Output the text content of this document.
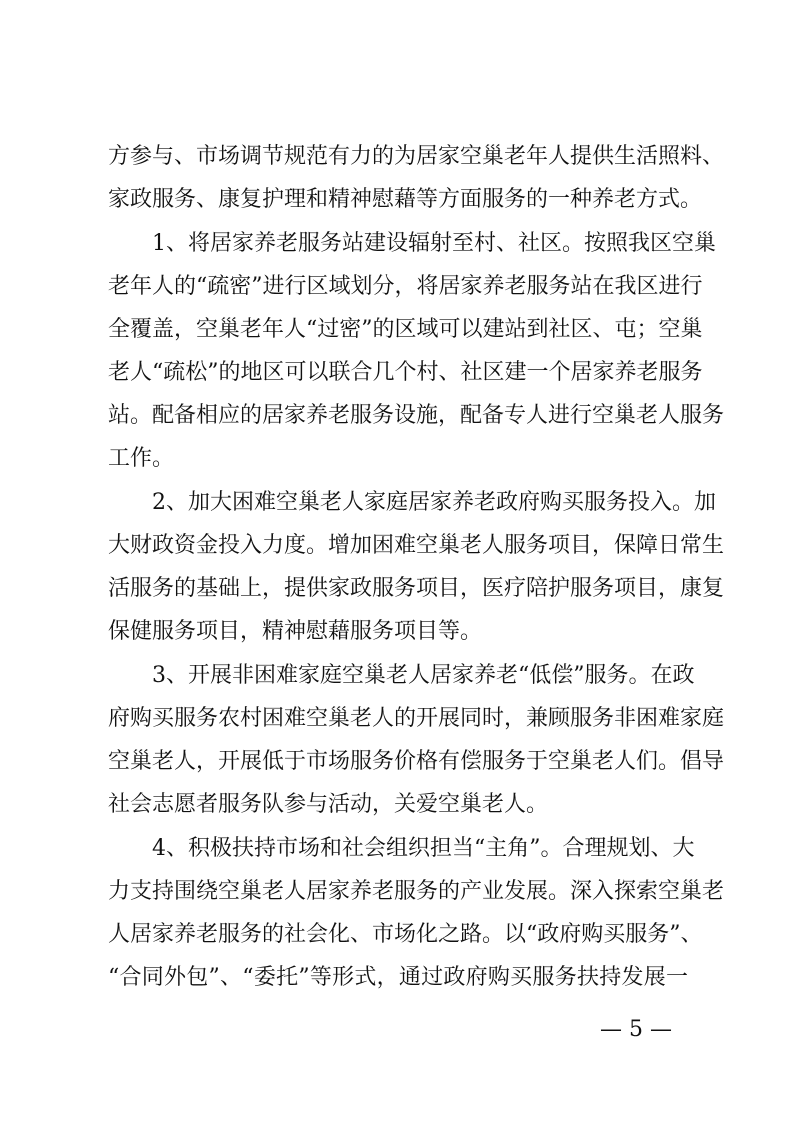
方参与、市场调节规范有力的为居家空巢老年人提供生活照料、
家政服务、康复护理和精神慰藉等方面服务的一种养老方式。
　　1、将居家养老服务站建设辐射至村、社区。按照我区空巢
老年人的“疏密”进行区域划分，将居家养老服务站在我区进行
全覆盖，空巢老年人“过密”的区域可以建站到社区、屯；空巢
老人“疏松”的地区可以联合几个村、社区建一个居家养老服务
站。配备相应的居家养老服务设施，配备专人进行空巢老人服务
工作。
　　2、加大困难空巢老人家庭居家养老政府购买服务投入。加
大财政资金投入力度。增加困难空巢老人服务项目，保障日常生
活服务的基础上，提供家政服务项目，医疗陪护服务项目，康复
保健服务项目，精神慰藉服务项目等。
　　3、开展非困难家庭空巢老人居家养老“低偿”服务。在政
府购买服务农村困难空巢老人的开展同时，兼顾服务非困难家庭
空巢老人，开展低于市场服务价格有偿服务于空巢老人们。倡导
社会志愿者服务队参与活动，关爱空巢老人。
　　4、积极扶持市场和社会组织担当“主角”。合理规划、大
力支持围绕空巢老人居家养老服务的产业发展。深入探索空巢老
人居家养老服务的社会化、市场化之路。以“政府购买服务”、
“合同外包”、“委托”等形式，通过政府购买服务扶持发展一
— 5 —
